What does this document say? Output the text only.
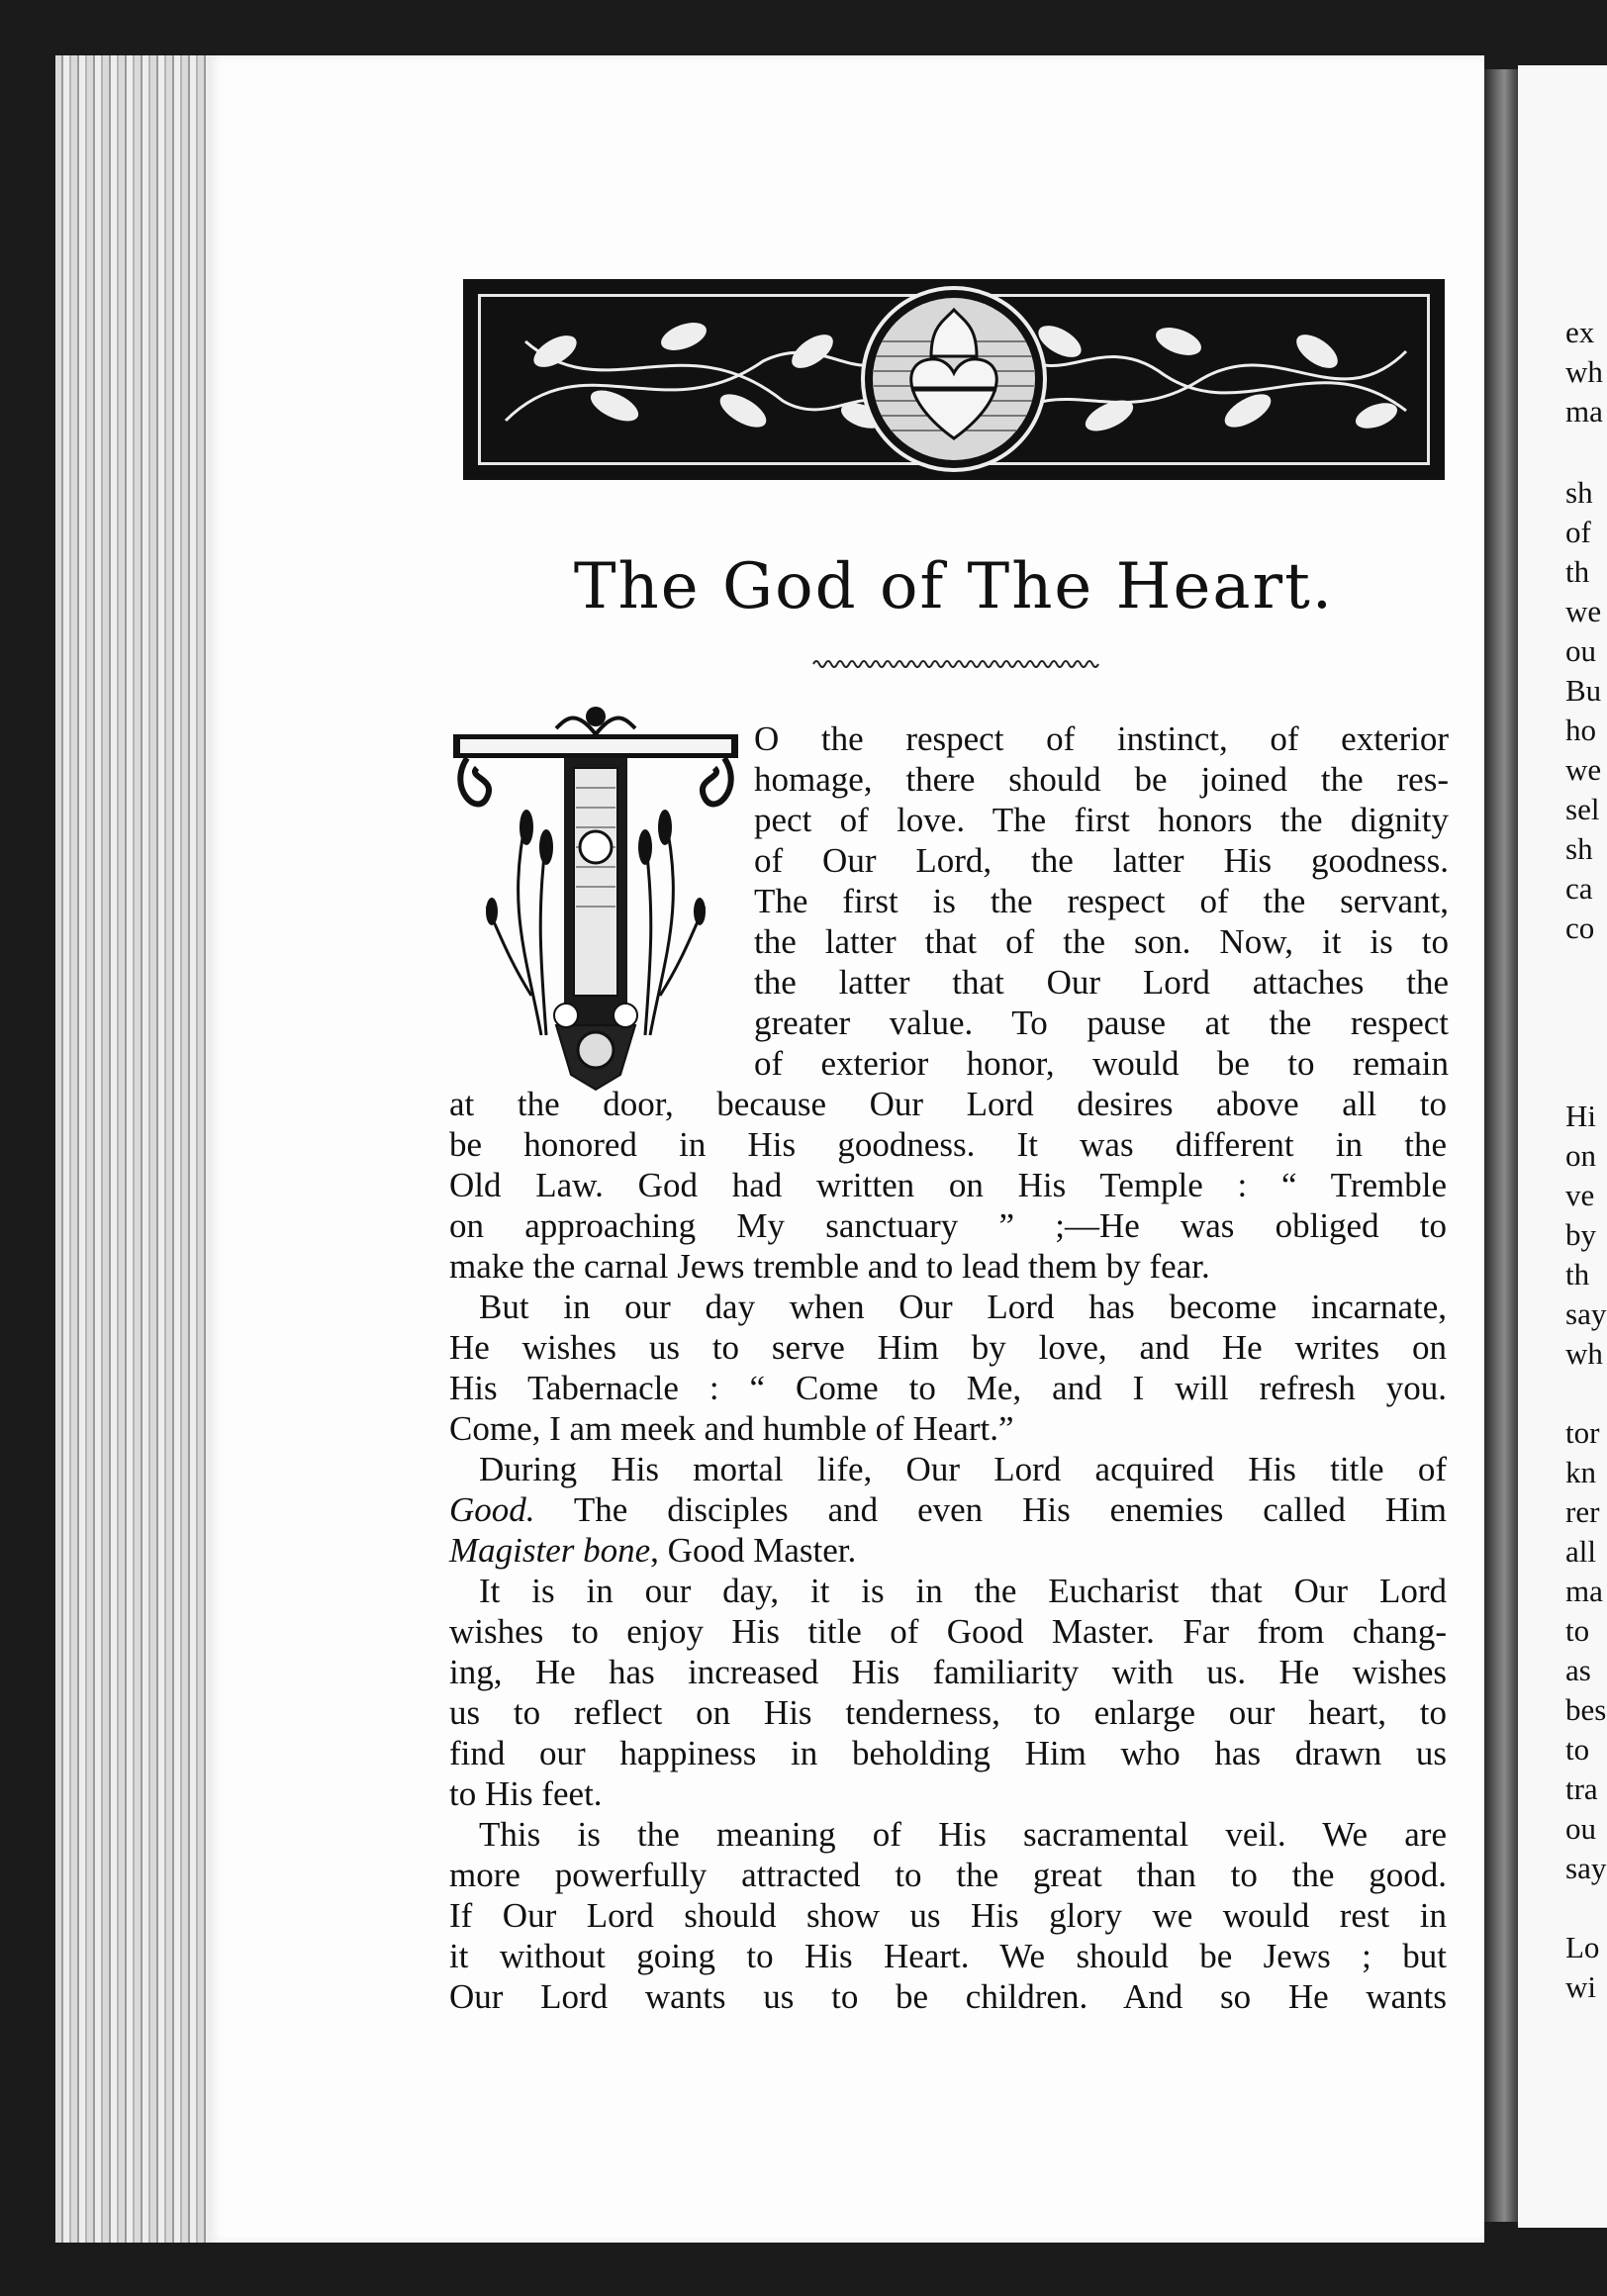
ex
wh
ma
sh
of
th
we
ou
Bu
ho
we
sel
sh
ca
co
Hi
on
ve
by
th
say
wh
tor
kn
rer
all
ma
to
as
bes
to
tra
ou
say
Lo
wi
The God of The Heart.
O the respect of instinct, of exterior
homage, there should be joined the res-
pect of love. The first honors the dignity
of Our Lord, the latter His goodness.
The first is the respect of the servant,
the latter that of the son. Now, it is to
the latter that Our Lord attaches the
greater value. To pause at the respect
of exterior honor, would be to remain
at the door, because Our Lord desires above all to
be honored in His goodness. It was different in the
Old Law. God had written on His Temple : “ Tremble
on approaching My sanctuary ” ;—He was obliged to
make the carnal Jews tremble and to lead them by fear.
But in our day when Our Lord has become incarnate,
He wishes us to serve Him by love, and He writes on
His Tabernacle : “ Come to Me, and I will refresh you.
Come, I am meek and humble of Heart.”
During His mortal life, Our Lord acquired His title of
Good. The disciples and even His enemies called Him
Magister bone, Good Master.
It is in our day, it is in the Eucharist that Our Lord
wishes to enjoy His title of Good Master. Far from chang-
ing, He has increased His familiarity with us. He wishes
us to reflect on His tenderness, to enlarge our heart, to
find our happiness in beholding Him who has drawn us
to His feet.
This is the meaning of His sacramental veil. We are
more powerfully attracted to the great than to the good.
If Our Lord should show us His glory we would rest in
it without going to His Heart. We should be Jews ; but
Our Lord wants us to be children. And so He wants
